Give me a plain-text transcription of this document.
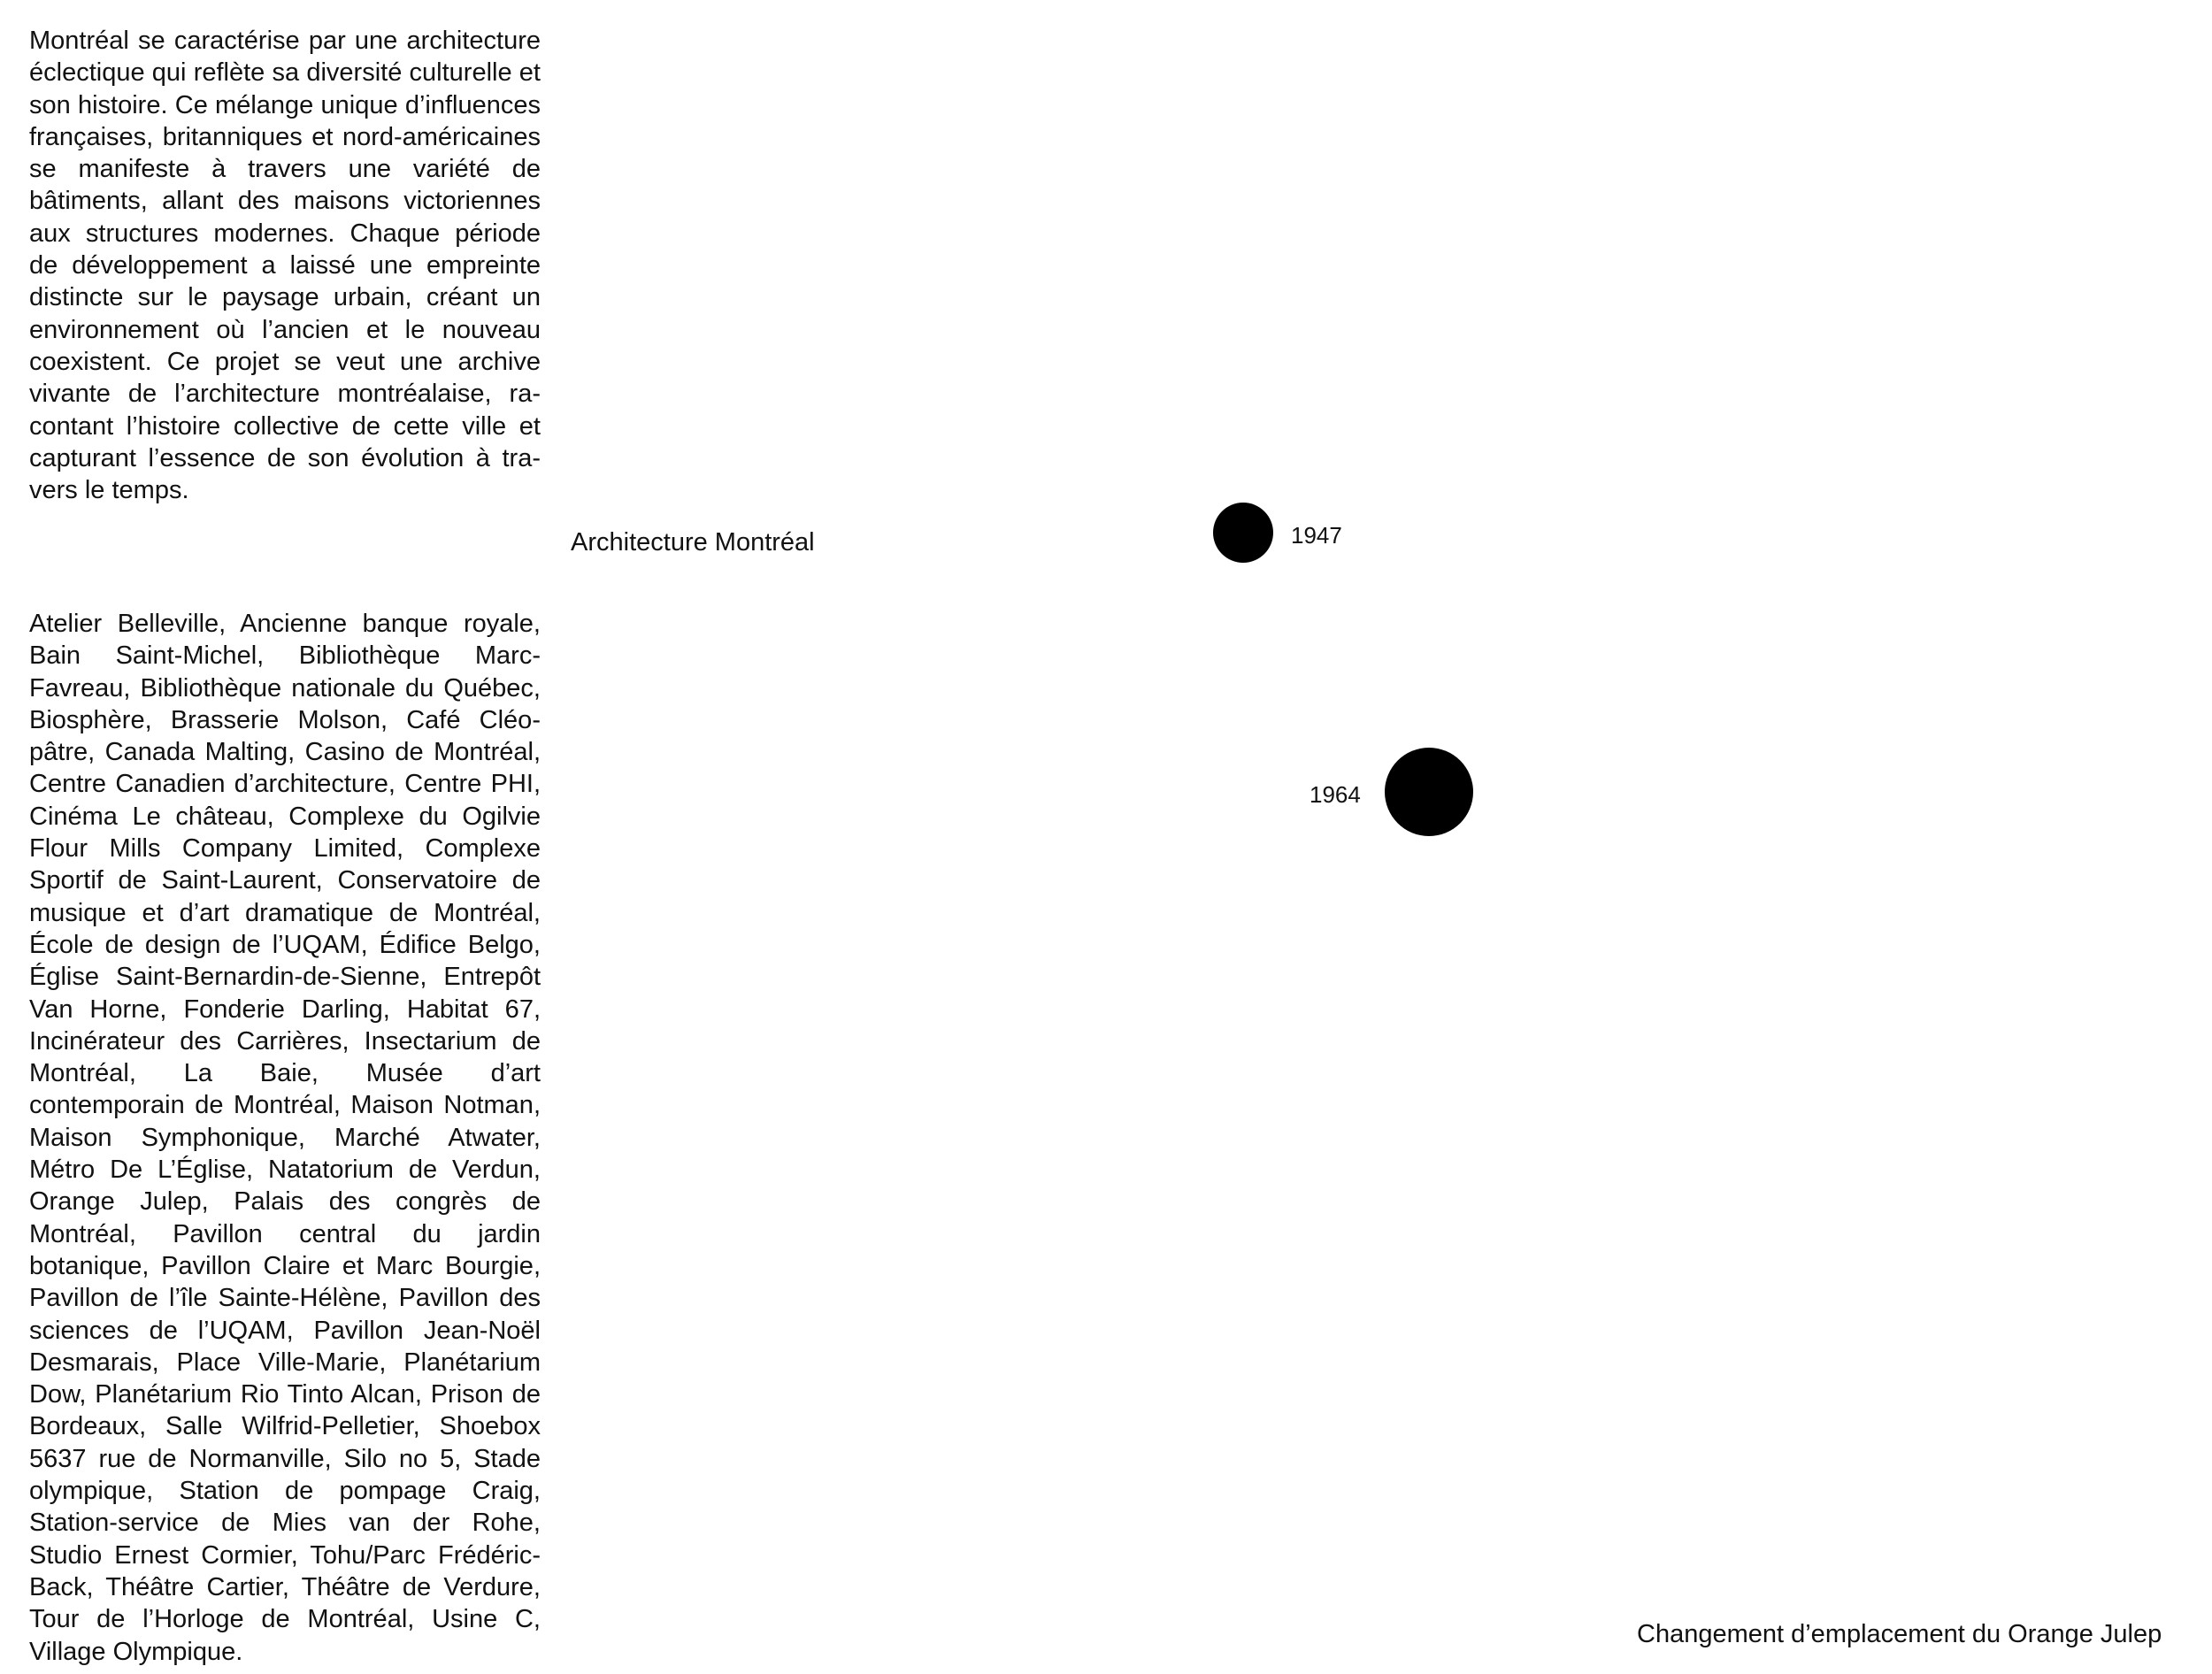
Montréal se caractérise par une architecture éclectique qui reflète sa diversité culturelle et son histoire. Ce mélange unique d’influences françaises, britanniques et nord-américaines se manifeste à travers une variété de bâtiments, allant des maisons victoriennes aux structures modernes. Chaque période de développement a laissé une empreinte distincte sur le paysage urbain, créant un environnement où l’ancien et le nouveau coexistent. Ce projet se veut une archive vivante de l’architecture montréalaise, racontant l’histoire collective de cette ville et capturant l’essence de son évolution à travers le temps.

Atelier Belleville, Ancienne banque royale, Bain Saint-Michel, Bibliothèque Marc-Favreau, Bibliothèque nationale du Québec, Biosphère, Brasserie Molson, Café Cléopâtre, Canada Malting, Casino de Montréal, Centre Canadien d’architecture, Centre PHI, Cinéma Le château, Complexe du Ogilvie Flour Mills Company Limited, Complexe Sportif de Saint-Laurent, Conservatoire de musique et d’art dramatique de Montréal, École de design de l’UQAM, Édifice Belgo, Église Saint-Bernardin-de-Sienne, Entrepôt Van Horne, Fonderie Darling, Habitat 67, Incinérateur des Carrières, Insectarium de Montréal, La Baie, Musée d’art contemporain de Montréal, Maison Notman, Maison Symphonique, Marché Atwater, Métro De L’Église, Natatorium de Verdun, Orange Julep, Palais des congrès de Montréal, Pavillon central du jardin botanique, Pavillon Claire et Marc Bourgie, Pavillon de l’île Sainte-Hélène, Pavillon des sciences de l’UQAM, Pavillon Jean-Noël Desmarais, Place Ville-Marie, Planétarium Dow, Planétarium Rio Tinto Alcan, Prison de Bordeaux, Salle Wilfrid-Pelletier, Shoebox 5637 rue de Normanville, Silo no 5, Stade olympique, Station de pompage Craig, Station-service de Mies van der Rohe, Studio Ernest Cormier, Tohu/Parc Frédéric-Back, Théâtre Cartier, Théâtre de Verdure, Tour de l’Horloge de Montréal, Usine C, Village Olympique.

Architecture Montréal	1947

1964

Changement d’emplacement du Orange Julep
